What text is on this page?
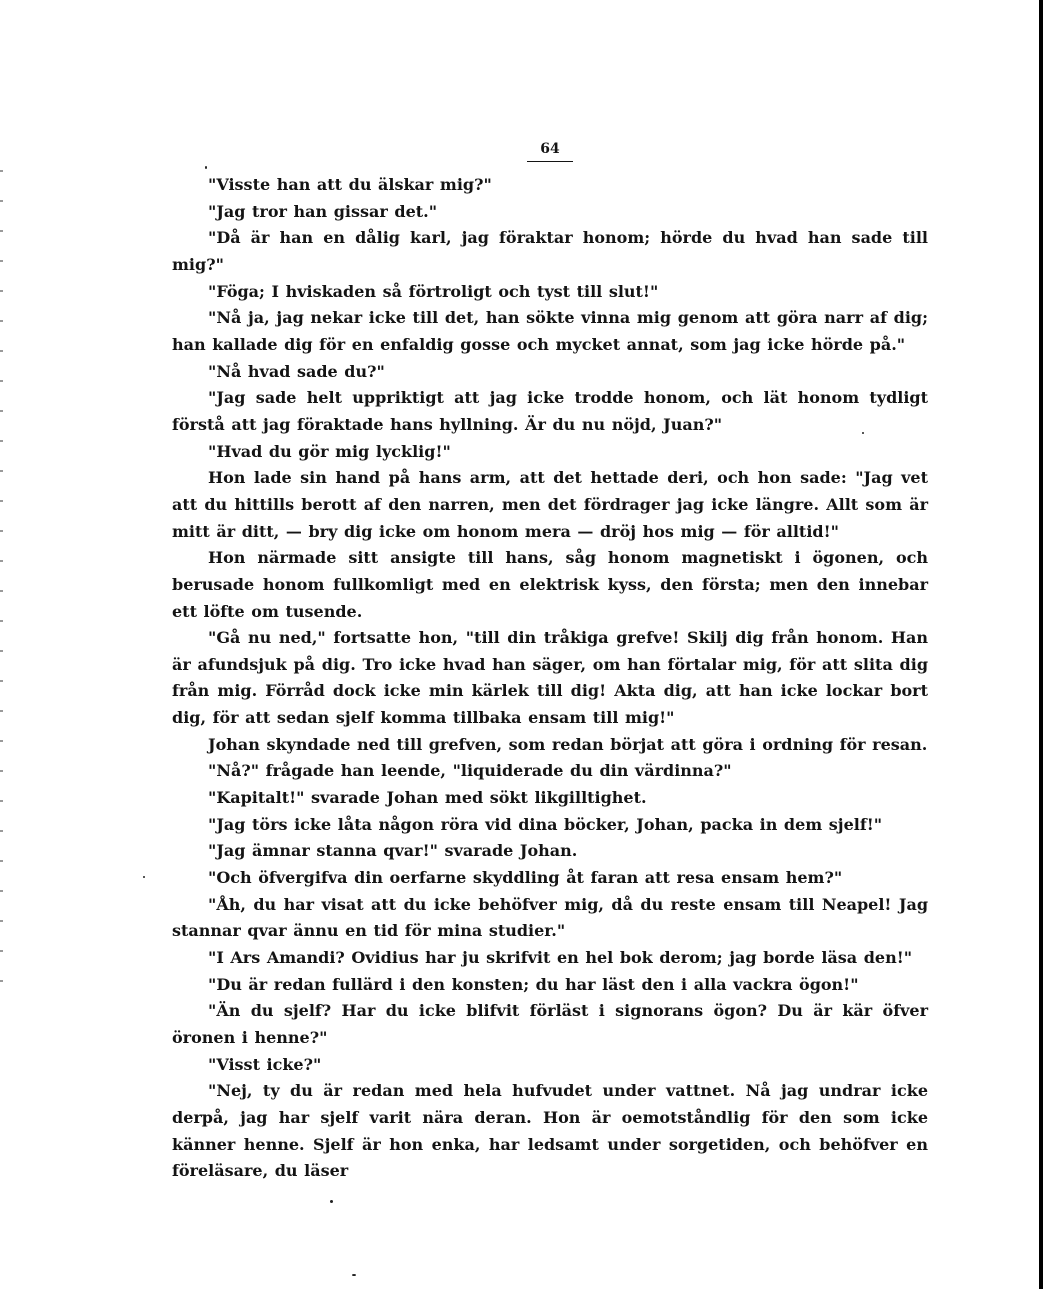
64

"Visste han att du älskar mig?"

"Jag tror han gissar det."

"Då är han en dålig karl, jag föraktar honom; hörde du hvad han sade till mig?"

"Föga; I hviskaden så förtroligt och tyst till slut!"

"Nå ja, jag nekar icke till det, han sökte vinna mig genom att göra narr af dig; han kallade dig för en enfaldig gosse och mycket annat, som jag icke hörde på."

"Nå hvad sade du?"

"Jag sade helt uppriktigt att jag icke trodde honom, och lät honom tydligt förstå att jag föraktade hans hyllning. Är du nu nöjd, Juan?"

"Hvad du gör mig lycklig!"

Hon lade sin hand på hans arm, att det hettade deri, och hon sade: "Jag vet att du hittills berott af den narren, men det fördrager jag icke längre. Allt som är mitt är ditt, — bry dig icke om honom mera — dröj hos mig — för alltid!"

Hon närmade sitt ansigte till hans, såg honom magnetiskt i ögonen, och berusade honom fullkomligt med en elektrisk kyss, den första; men den innebar ett löfte om tusende.

"Gå nu ned," fortsatte hon, "till din tråkiga grefve! Skilj dig från honom. Han är afundsjuk på dig. Tro icke hvad han säger, om han förtalar mig, för att slita dig från mig. Förråd dock icke min kärlek till dig! Akta dig, att han icke lockar bort dig, för att sedan sjelf komma tillbaka ensam till mig!"

Johan skyndade ned till grefven, som redan börjat att göra i ordning för resan.

"Nå?" frågade han leende, "liquiderade du din värdinna?"

"Kapitalt!" svarade Johan med sökt likgilltighet.

"Jag törs icke låta någon röra vid dina böcker, Johan, packa in dem sjelf!"

"Jag ämnar stanna qvar!" svarade Johan.

"Och öfvergifva din oerfarne skyddling åt faran att resa ensam hem?"

"Åh, du har visat att du icke behöfver mig, då du reste ensam till Neapel! Jag stannar qvar ännu en tid för mina studier."

"I Ars Amandi? Ovidius har ju skrifvit en hel bok derom; jag borde läsa den!"

"Du är redan fullärd i den konsten; du har läst den i alla vackra ögon!"

"Än du sjelf? Har du icke blifvit förläst i signorans ögon? Du är kär öfver öronen i henne?"

"Visst icke?"

"Nej, ty du är redan med hela hufvudet under vattnet. Nå jag undrar icke derpå, jag har sjelf varit nära deran. Hon är oemotståndlig för den som icke känner henne. Sjelf är hon enka, har ledsamt under sorgetiden, och behöfver en föreläsare, du läser
